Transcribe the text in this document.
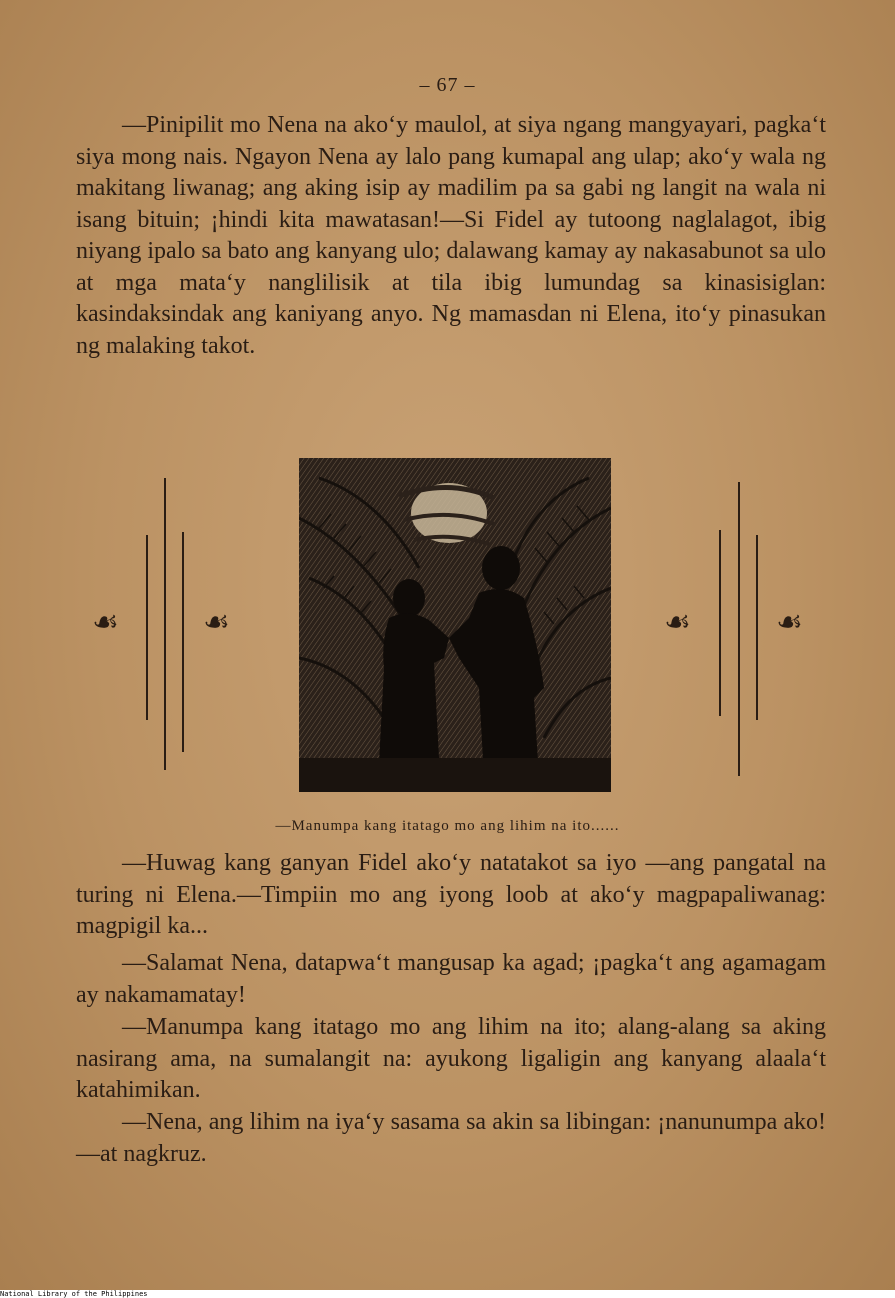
– 67 –

—Pinipilit mo Nena na ako‘y maulol, at siya ngang mangyayari, pagka‘t siya mong nais. Ngayon Nena ay lalo pang kumapal ang ulap; ako‘y wala ng makitang liwanag; ang aking isip ay madilim pa sa gabi ng langit na wala ni isang bituin; ¡hindi kita mawatasan!—Si Fidel ay tutoong naglalagot, ibig niyang ipalo sa bato ang kanyang ulo; dalawang kamay ay nakasabunot sa ulo at mga mata‘y nanglilisik at tila ibig lumundag sa kinasisiglan: kasindaksindak ang kaniyang anyo. Ng mamasdan ni Elena, ito‘y pinasukan ng malaking takot.

☙	☙	☙	☙
—Manumpa kang itatago mo ang lihim na ito......

—Huwag kang ganyan Fidel ako‘y natatakot sa iyo —ang pangatal na turing ni Elena.—Timpiin mo ang iyong loob at ako‘y magpapaliwanag: magpigil ka...

—Salamat Nena, datapwa‘t mangusap ka agad; ¡pagka‘t ang agamagam ay nakamamatay!

—Manumpa kang itatago mo ang lihim na ito; alang-alang sa aking nasirang ama, na sumalangit na: ayukong ligaligin ang kanyang alaala‘t katahimikan.

—Nena, ang lihim na iya‘y sasama sa akin sa libingan: ¡nanunumpa ako!—at nagkruz.

National Library of the Philippines
